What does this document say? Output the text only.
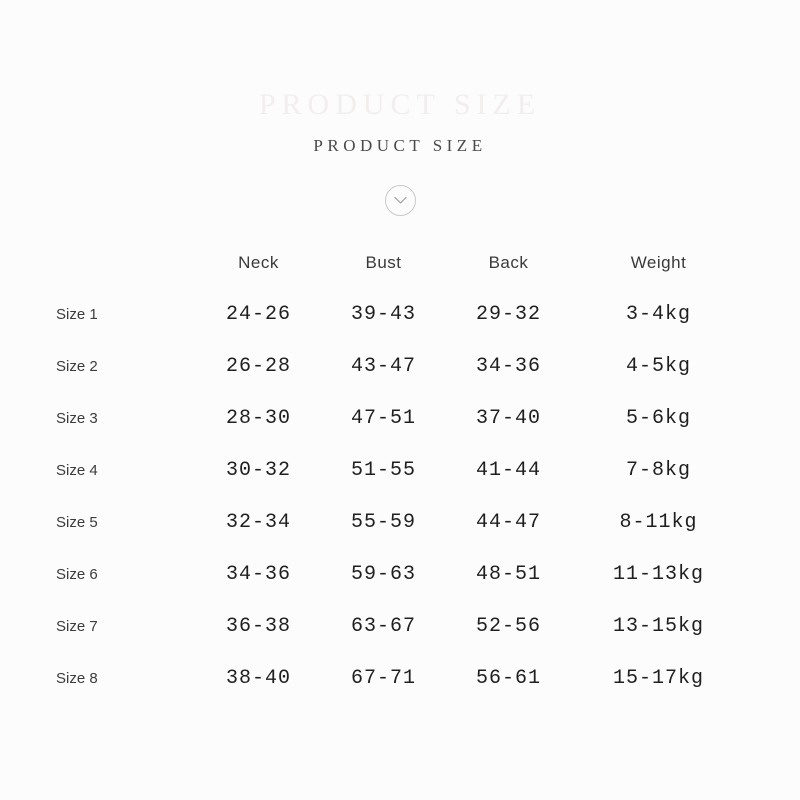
PRODUCT SIZE
PRODUCT SIZE
	Neck	Bust	Back	Weight
Size 1	24-26	39-43	29-32	3-4kg
Size 2	26-28	43-47	34-36	4-5kg
Size 3	28-30	47-51	37-40	5-6kg
Size 4	30-32	51-55	41-44	7-8kg
Size 5	32-34	55-59	44-47	8-11kg
Size 6	34-36	59-63	48-51	11-13kg
Size 7	36-38	63-67	52-56	13-15kg
Size 8	38-40	67-71	56-61	15-17kg
